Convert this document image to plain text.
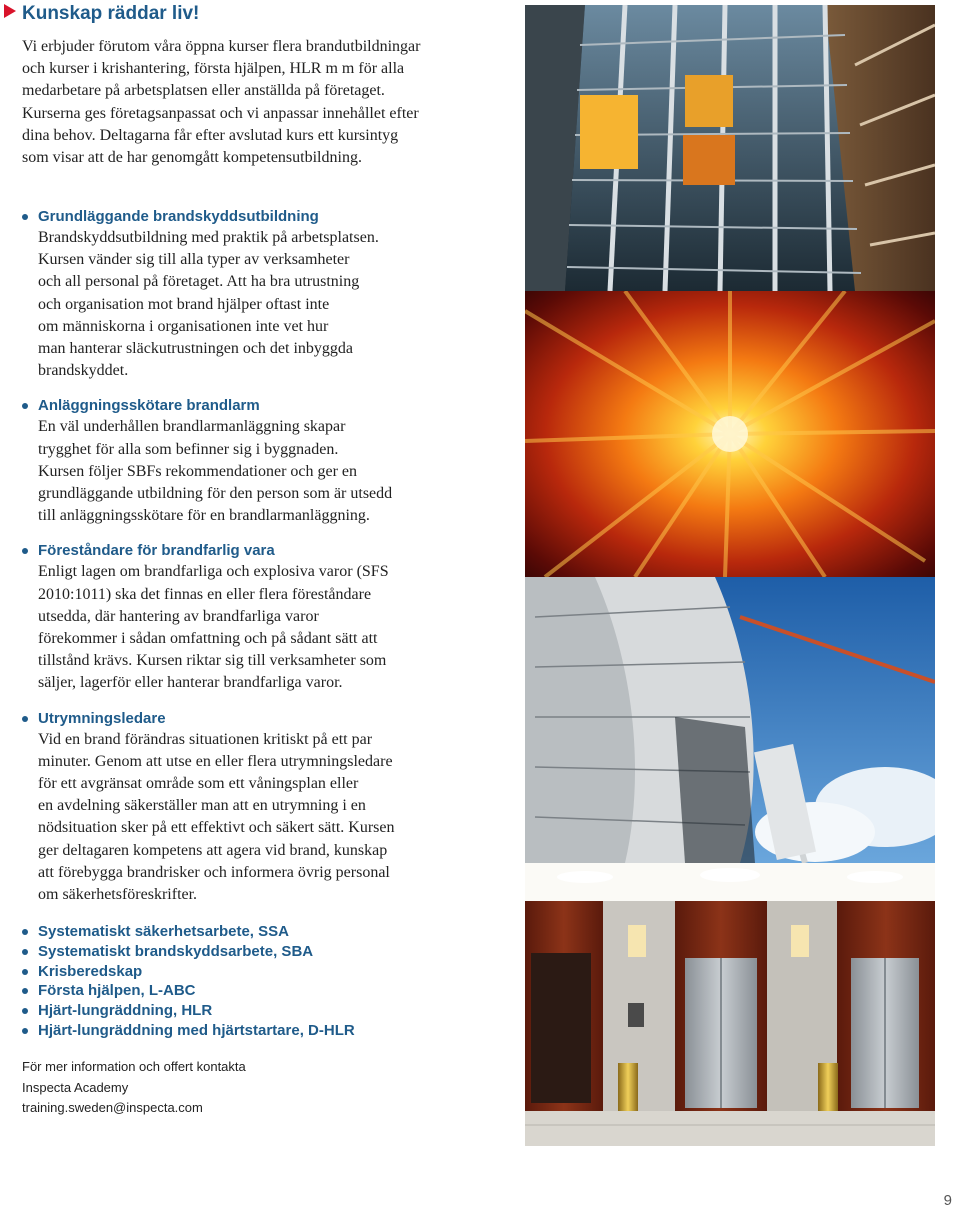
Kunskap räddar liv!

Vi erbjuder förutom våra öppna kurser flera brandutbildningar och kurser i krishantering, första hjälpen, HLR m m för alla medarbetare på arbetsplatsen eller anställda på företaget. Kurserna ges företagsanpassat och vi anpassar innehållet efter dina behov. Deltagarna får efter avslutad kurs ett kursintyg som visar att de har genomgått kompetensutbildning.

Grundläggande brandskyddsutbildning
Brandskyddsutbildning med praktik på arbetsplatsen.
Kursen vänder sig till alla typer av verksamheter
och all personal på företaget. Att ha bra utrustning
och organisation mot brand hjälper oftast inte
om människorna i organisationen inte vet hur
man hanterar släckutrustningen och det inbyggda
brandskyddet.
Anläggningsskötare brandlarm
En väl underhållen brandlarmanläggning skapar
trygghet för alla som befinner sig i byggnaden.
Kursen följer SBFs rekommendationer och ger en
grundläggande utbildning för den person som är utsedd
till anläggningsskötare för en brandlarmanläggning.
Föreståndare för brandfarlig vara
Enligt lagen om brandfarliga och explosiva varor (SFS
2010:1011) ska det finnas en eller flera föreståndare
utsedda, där hantering av brandfarliga varor
förekommer i sådan omfattning och på sådant sätt att
tillstånd krävs. Kursen riktar sig till verksamheter som
säljer, lagerför eller hanterar brandfarliga varor.
Utrymningsledare
Vid en brand förändras situationen kritiskt på ett par
minuter. Genom att utse en eller flera utrymningsledare
för ett avgränsat område som ett våningsplan eller
en avdelning säkerställer man att en utrymning i en
nödsituation sker på ett effektivt och säkert sätt. Kursen
ger deltagaren kompetens att agera vid brand, kunskap
att förebygga brandrisker och informera övrig personal
om säkerhetsföreskrifter.
Systematiskt säkerhetsarbete, SSA
Systematiskt brandskyddsarbete, SBA
Krisberedskap
Första hjälpen, L-ABC
Hjärt-lungräddning, HLR
Hjärt-lungräddning med hjärtstartare, D-HLR
För mer information och offert kontakta
Inspecta Academy
training.sweden@inspecta.com
9
